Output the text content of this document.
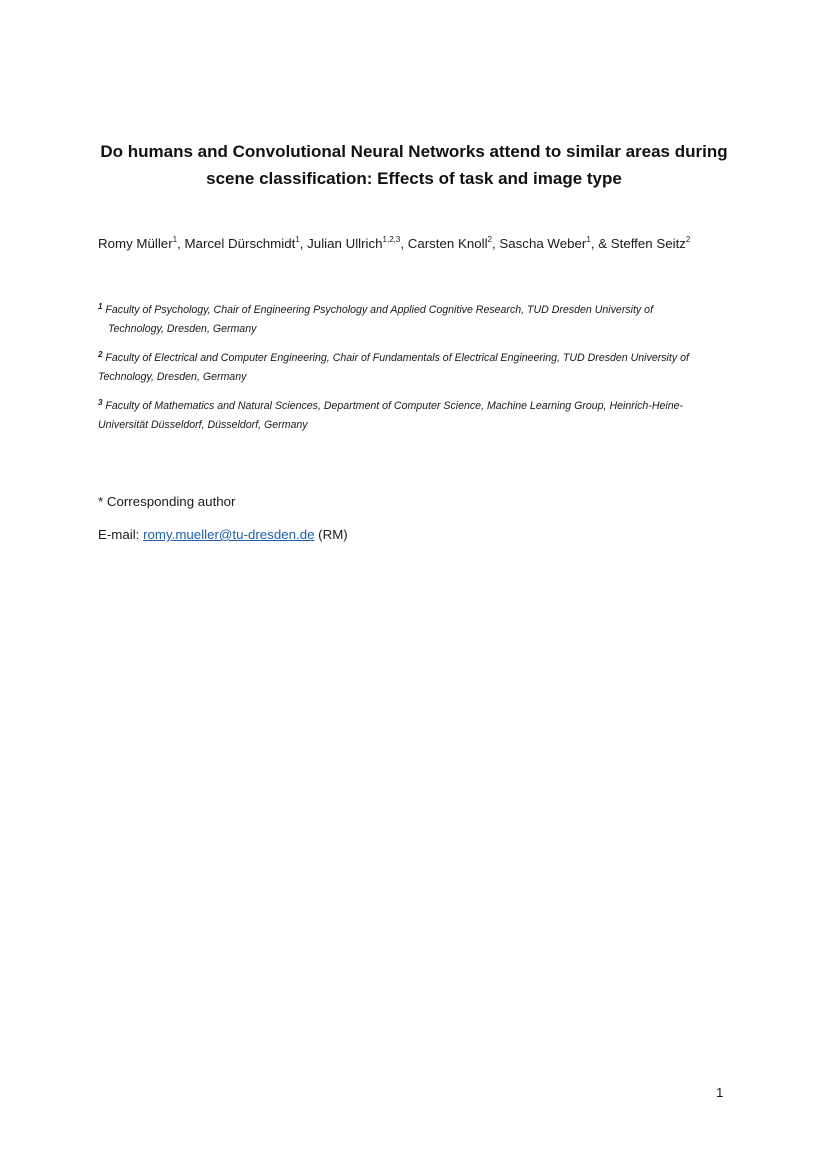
Do humans and Convolutional Neural Networks attend to similar areas during
scene classification: Effects of task and image type
Romy Müller$^1$, Marcel Dürschmidt$^1$, Julian Ullrich$^{1,2,3}$, Carsten Knoll$^2$, Sascha Weber$^1$, & Steffen Seitz$^2$
$^1$ Faculty of Psychology, Chair of Engineering Psychology and Applied Cognitive Research, TUD Dresden University of
Technology, Dresden, Germany
$^2$ Faculty of Electrical and Computer Engineering, Chair of Fundamentals of Electrical Engineering, TUD Dresden University of
Technology, Dresden, Germany
$^3$ Faculty of Mathematics and Natural Sciences, Department of Computer Science, Machine Learning Group, Heinrich-Heine-
Universität Düsseldorf, Düsseldorf, Germany
* Corresponding author
E-mail: romy.mueller@tu-dresden.de (RM)
1
